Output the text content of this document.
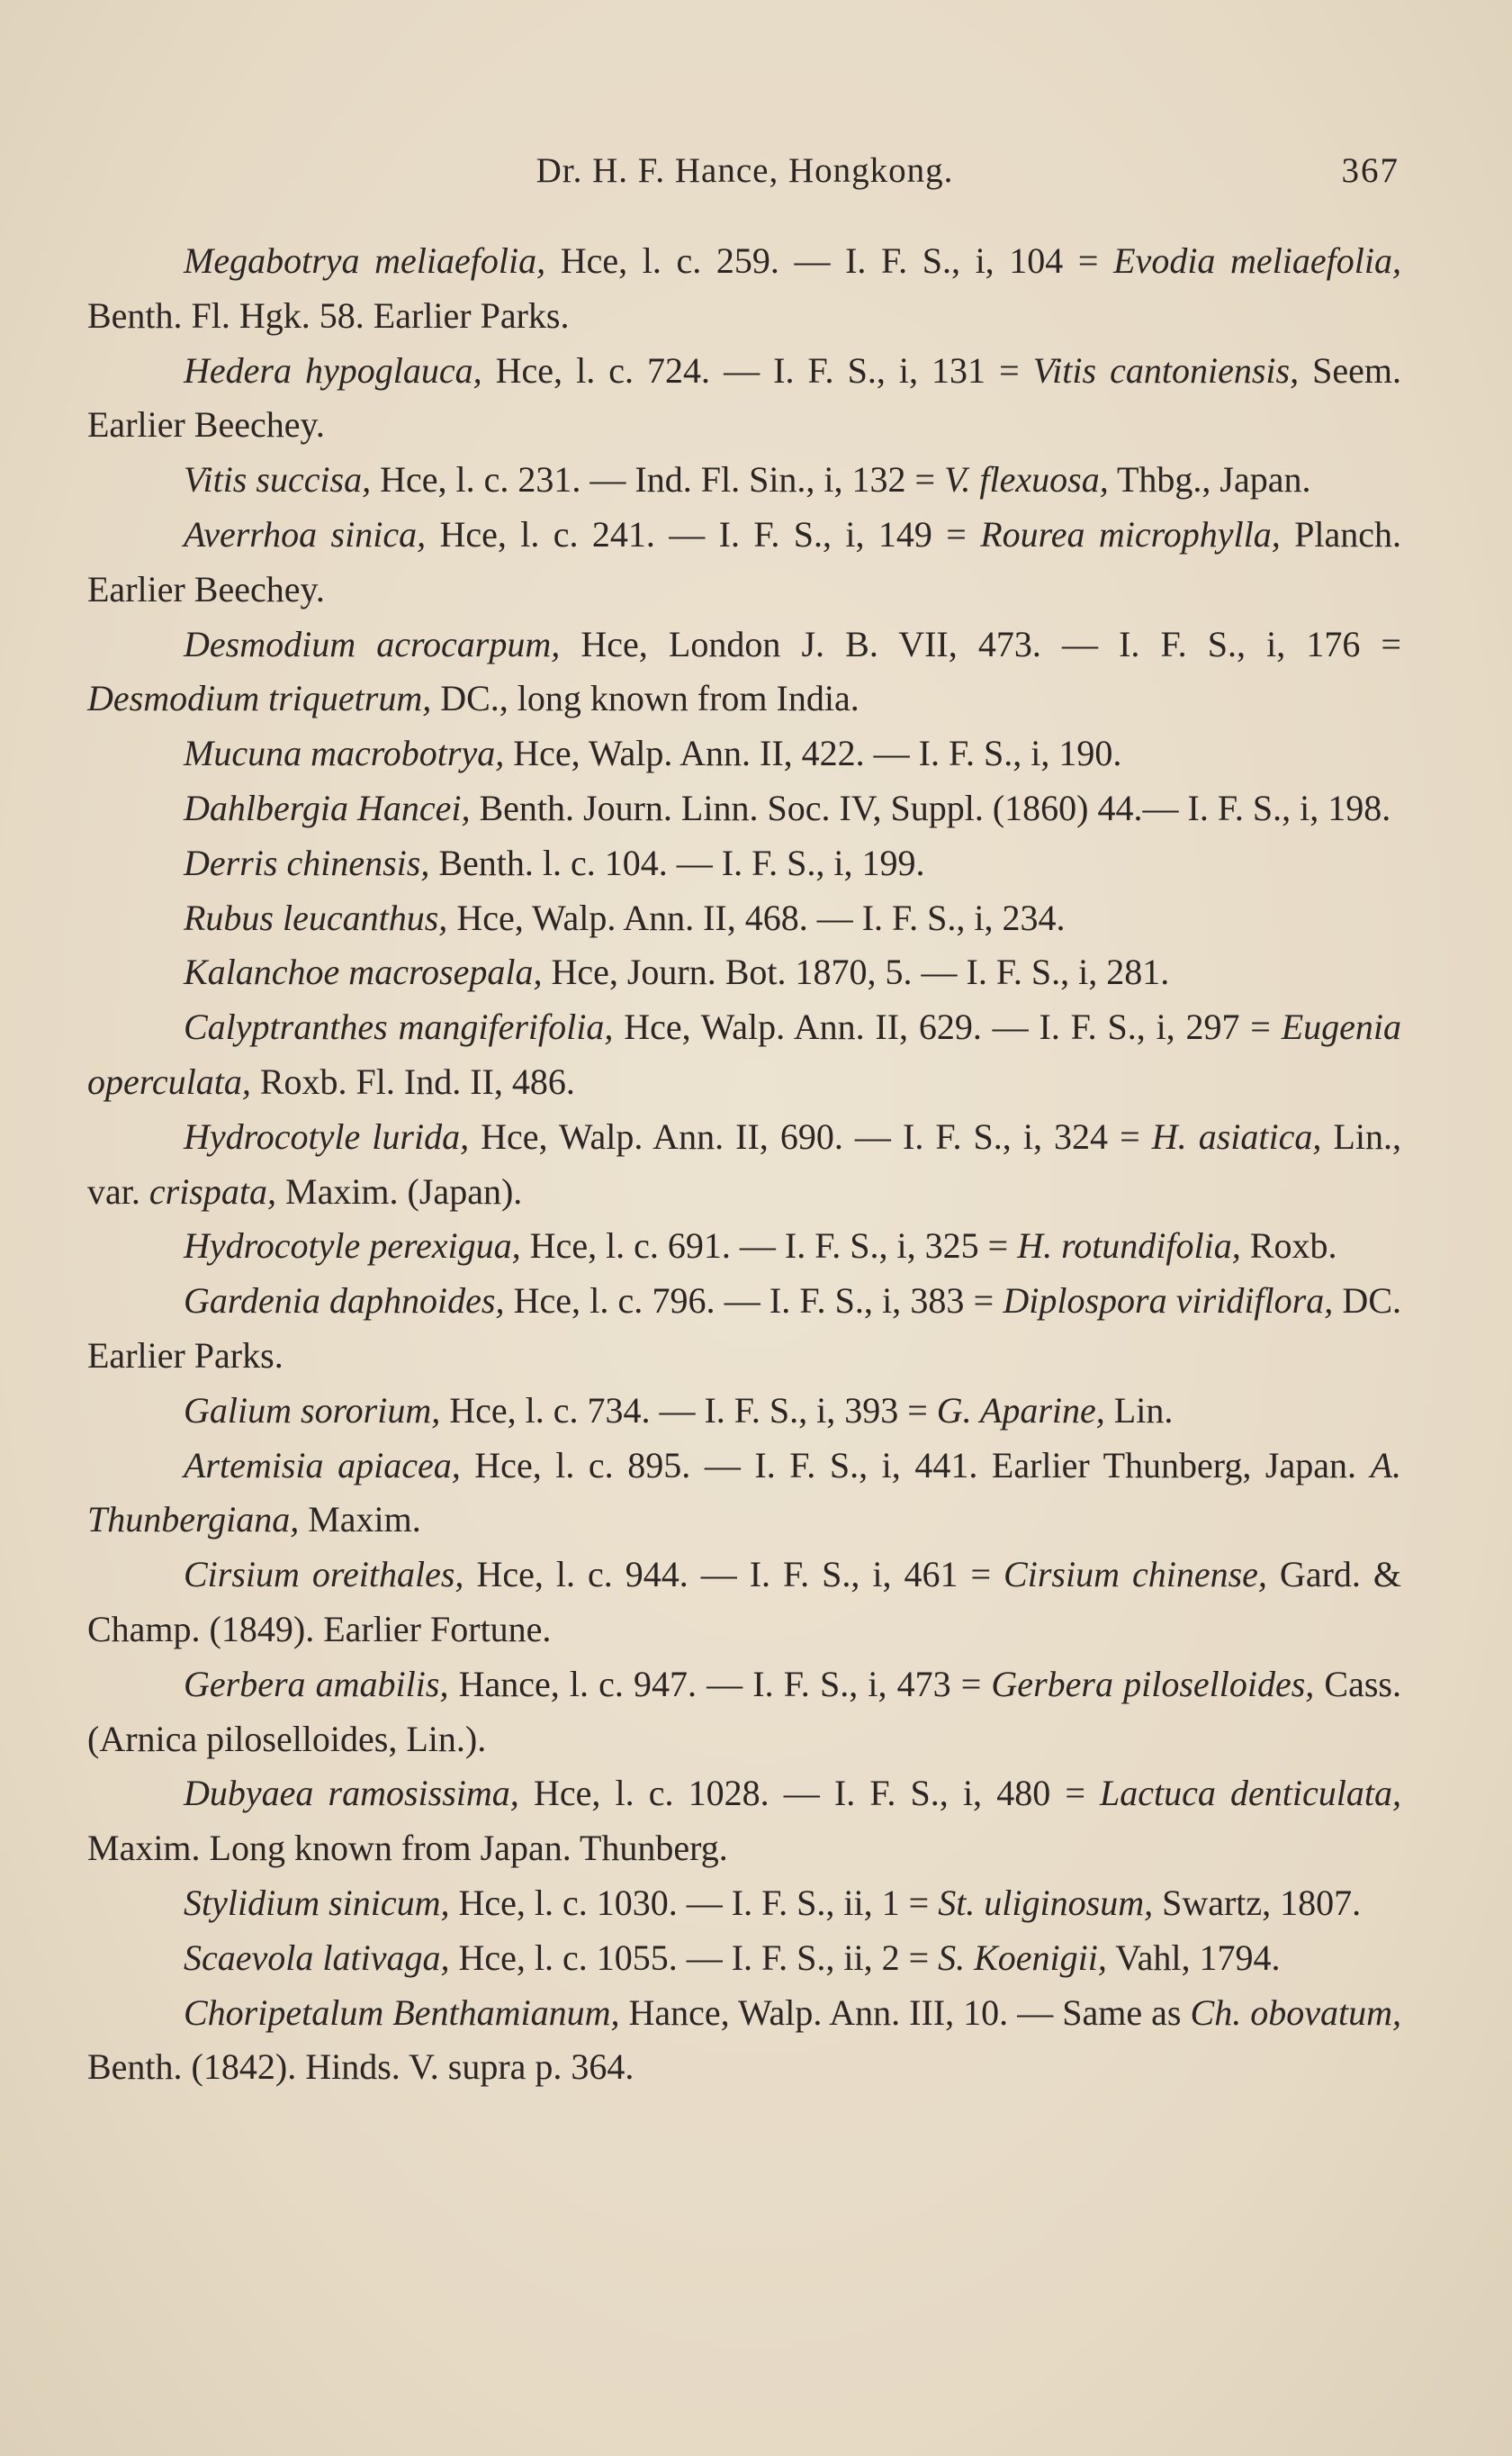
Dr. H. F. Hance, Hongkong.	367

Megabotrya meliaefolia, Hce, l. c. 259. — I. F. S., i, 104 = Evodia meliaefolia, Benth. Fl. Hgk. 58. Earlier Parks.

Hedera hypoglauca, Hce, l. c. 724. — I. F. S., i, 131 = Vitis cantoniensis, Seem. Earlier Beechey.

Vitis succisa, Hce, l. c. 231. — Ind. Fl. Sin., i, 132 = V. flexuosa, Thbg., Japan.

Averrhoa sinica, Hce, l. c. 241. — I. F. S., i, 149 = Rourea microphylla, Planch. Earlier Beechey.

Desmodium acrocarpum, Hce, London J. B. VII, 473. — I. F. S., i, 176 = Desmodium triquetrum, DC., long known from India.

Mucuna macrobotrya, Hce, Walp. Ann. II, 422. — I. F. S., i, 190.

Dahlbergia Hancei, Benth. Journ. Linn. Soc. IV, Suppl. (1860) 44.— I. F. S., i, 198.

Derris chinensis, Benth. l. c. 104. — I. F. S., i, 199.

Rubus leucanthus, Hce, Walp. Ann. II, 468. — I. F. S., i, 234.

Kalanchoe macrosepala, Hce, Journ. Bot. 1870, 5. — I. F. S., i, 281.

Calyptranthes mangiferifolia, Hce, Walp. Ann. II, 629. — I. F. S., i, 297 = Eugenia operculata, Roxb. Fl. Ind. II, 486.

Hydrocotyle lurida, Hce, Walp. Ann. II, 690. — I. F. S., i, 324 = H. asiatica, Lin., var. crispata, Maxim. (Japan).

Hydrocotyle perexigua, Hce, l. c. 691. — I. F. S., i, 325 = H. rotundifolia, Roxb.

Gardenia daphnoides, Hce, l. c. 796. — I. F. S., i, 383 = Diplospora viridiflora, DC. Earlier Parks.

Galium sororium, Hce, l. c. 734. — I. F. S., i, 393 = G. Aparine, Lin.

Artemisia apiacea, Hce, l. c. 895. — I. F. S., i, 441. Earlier Thunberg, Japan. A. Thunbergiana, Maxim.

Cirsium oreithales, Hce, l. c. 944. — I. F. S., i, 461 = Cirsium chinense, Gard. & Champ. (1849). Earlier Fortune.

Gerbera amabilis, Hance, l. c. 947. — I. F. S., i, 473 = Gerbera piloselloides, Cass. (Arnica piloselloides, Lin.).

Dubyaea ramosissima, Hce, l. c. 1028. — I. F. S., i, 480 = Lactuca denticulata, Maxim. Long known from Japan. Thunberg.

Stylidium sinicum, Hce, l. c. 1030. — I. F. S., ii, 1 = St. uliginosum, Swartz, 1807.

Scaevola lativaga, Hce, l. c. 1055. — I. F. S., ii, 2 = S. Koenigii, Vahl, 1794.

Choripetalum Benthamianum, Hance, Walp. Ann. III, 10. — Same as Ch. obovatum, Benth. (1842). Hinds. V. supra p. 364.
